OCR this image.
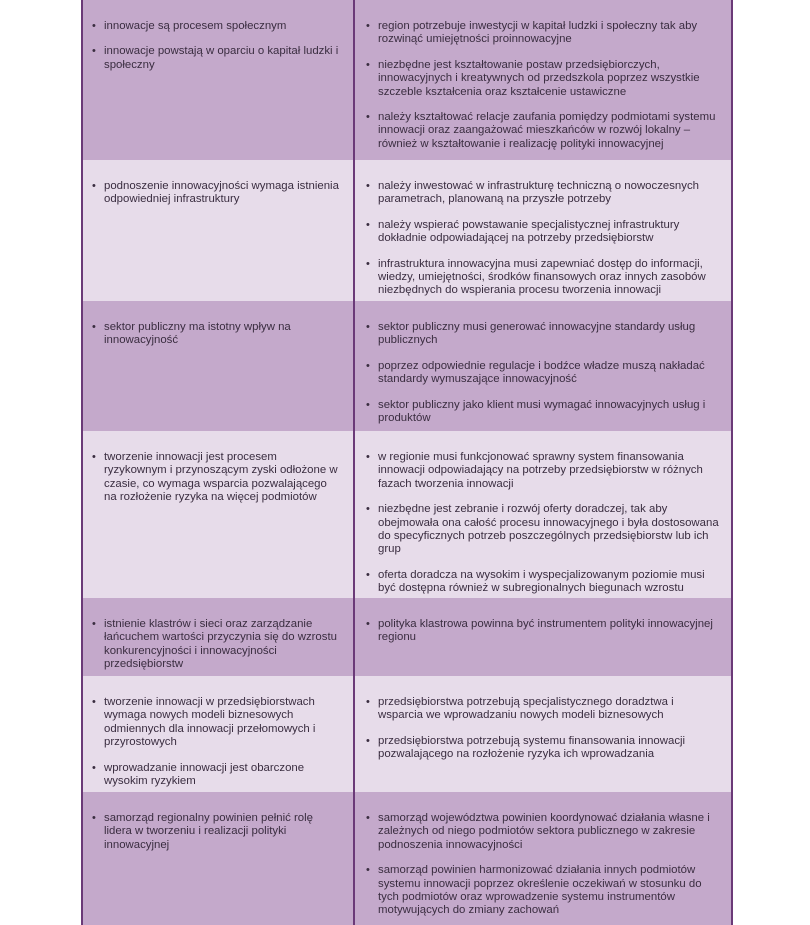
• innowacje są procesem społecznym
• innowacje powstają w oparciu o kapitał ludzki i społeczny
• region potrzebuje inwestycji w kapitał ludzki i społeczny tak aby rozwinąć umiejętności proinnowacyjne
• niezbędne jest kształtowanie postaw przedsiębiorczych, innowacyjnych i kreatywnych od przedszkola poprzez wszystkie szczeble kształcenia oraz kształcenie ustawiczne
• należy kształtować relacje zaufania pomiędzy podmiotami systemu innowacji oraz zaangażować mieszkańców w rozwój lokalny – również w kształtowanie i realizację polityki innowacyjnej
• podnoszenie innowacyjności wymaga istnienia odpowiedniej infrastruktury
• należy inwestować w infrastrukturę techniczną o nowoczesnych parametrach, planowaną na przyszłe potrzeby
• należy wspierać powstawanie specjalistycznej infrastruktury dokładnie odpowiadającej na potrzeby przedsiębiorstw
• infrastruktura innowacyjna musi zapewniać dostęp do informacji, wiedzy, umiejętności, środków finansowych oraz innych zasobów niezbędnych do wspierania procesu tworzenia innowacji
• sektor publiczny ma istotny wpływ na innowacyjność
• sektor publiczny musi generować innowacyjne standardy usług publicznych
• poprzez odpowiednie regulacje i bodźce władze muszą nakładać standardy wymuszające innowacyjność
• sektor publiczny jako klient musi wymagać innowacyjnych usług i produktów
• tworzenie innowacji jest procesem ryzykownym i przynoszącym zyski odłożone w czasie, co wymaga wsparcia pozwalającego na rozłożenie ryzyka na więcej podmiotów
• w regionie musi funkcjonować sprawny system finansowania innowacji odpowiadający na potrzeby przedsiębiorstw w różnych fazach tworzenia innowacji
• niezbędne jest zebranie i rozwój oferty doradczej, tak aby obejmowała ona całość procesu innowacyjnego i była dostosowana do specyficznych potrzeb poszczególnych przedsiębiorstw lub ich grup
• oferta doradcza na wysokim i wyspecjalizowanym poziomie musi być dostępna również w subregionalnych biegunach wzrostu
• istnienie klastrów i sieci oraz zarządzanie łańcuchem wartości przyczynia się do wzrostu konkurencyjności i innowacyjności przedsiębiorstw
• polityka klastrowa powinna być instrumentem polityki innowacyjnej regionu
• tworzenie innowacji w przedsiębiorstwach wymaga nowych modeli biznesowych odmiennych dla innowacji przełomowych i przyrostowych
• wprowadzanie innowacji jest obarczone wysokim ryzykiem
• przedsiębiorstwa potrzebują specjalistycznego doradztwa i wsparcia we wprowadzaniu nowych modeli biznesowych
• przedsiębiorstwa potrzebują systemu finansowania innowacji pozwalającego na rozłożenie ryzyka ich wprowadzania
• samorząd regionalny powinien pełnić rolę lidera w tworzeniu i realizacji polityki innowacyjnej
• samorząd województwa powinien koordynować działania własne i zależnych od niego podmiotów sektora publicznego w zakresie podnoszenia innowacyjności
• samorząd powinien harmonizować działania innych podmiotów systemu innowacji poprzez określenie oczekiwań w stosunku do tych podmiotów oraz wprowadzenie systemu instrumentów motywujących do zmiany zachowań
